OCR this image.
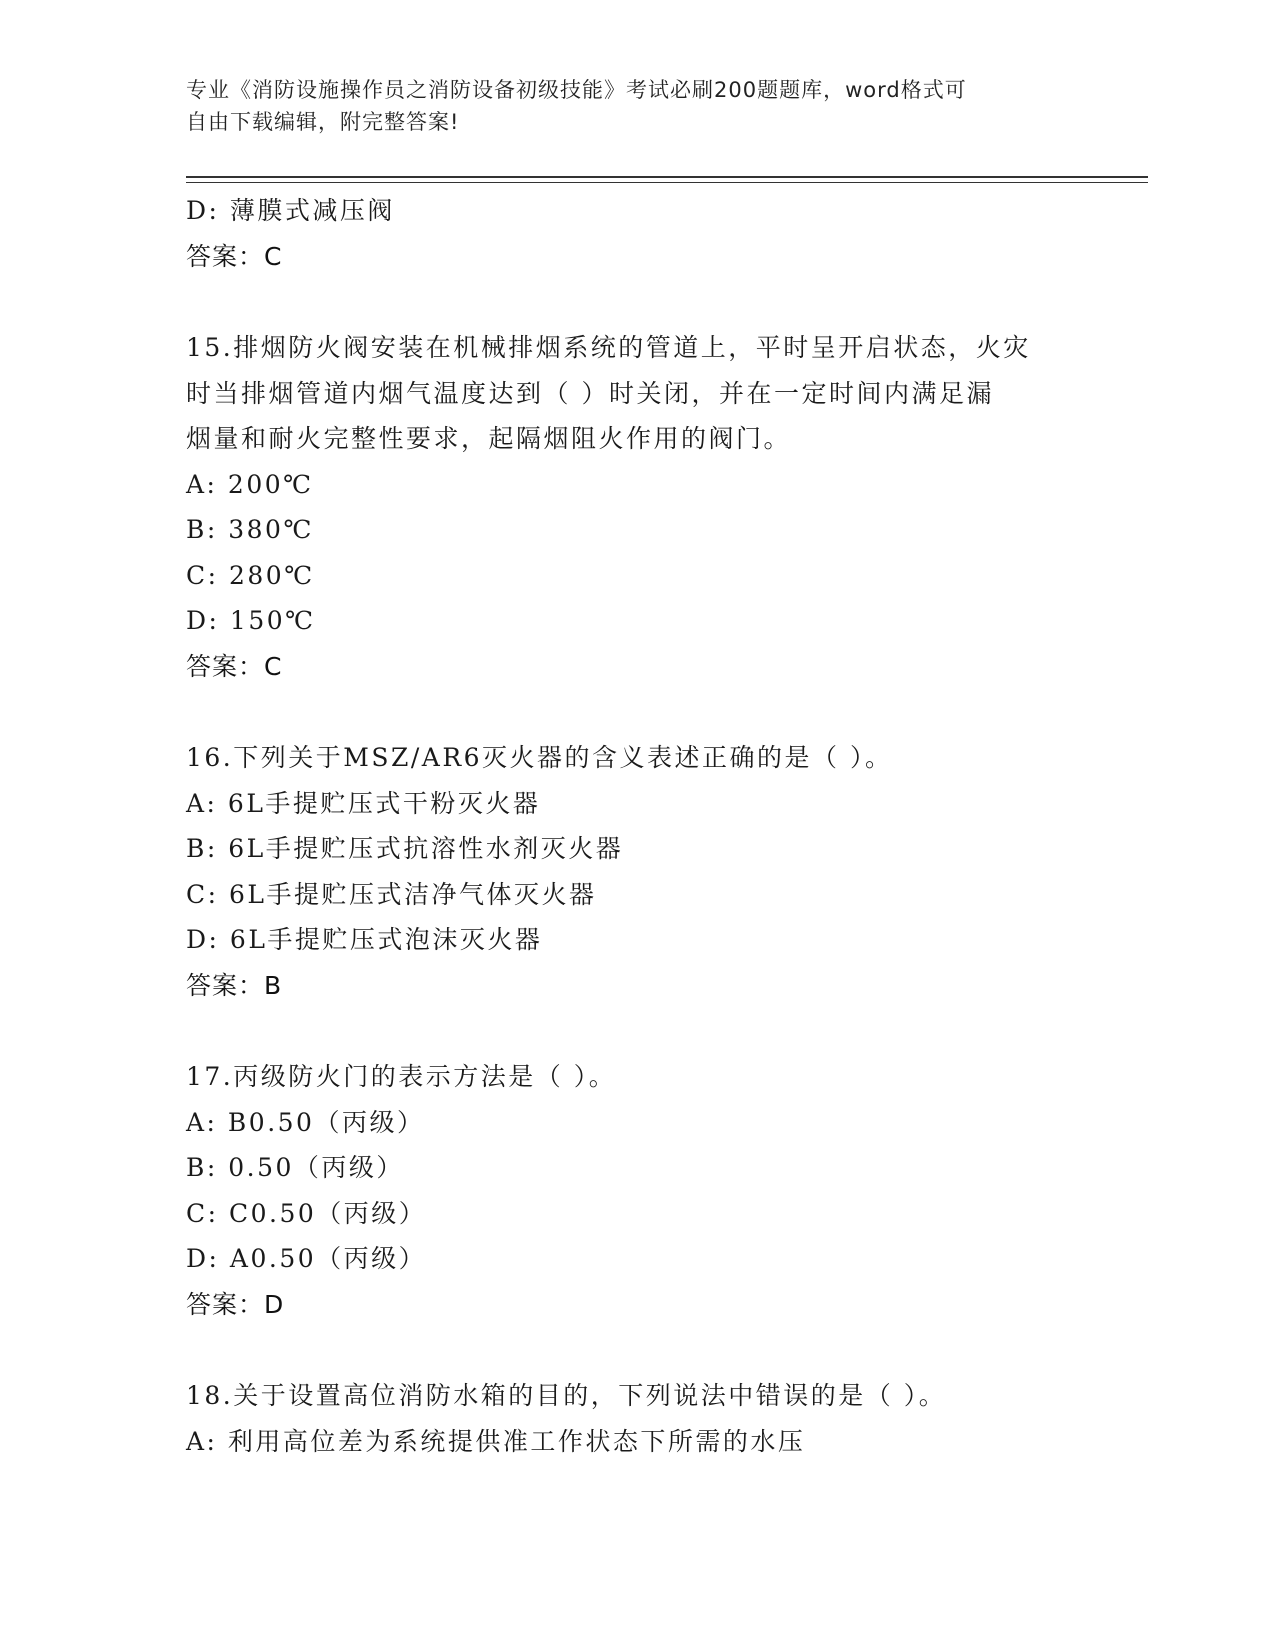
专业《消防设施操作员之消防设备初级技能》考试必刷200题题库，word格式可
自由下载编辑，附完整答案!
D: 薄膜式减压阀
答案：C
15.排烟防火阀安装在机械排烟系统的管道上，平时呈开启状态，火灾
时当排烟管道内烟气温度达到（ ）时关闭，并在一定时间内满足漏
烟量和耐火完整性要求，起隔烟阻火作用的阀门。
A: 200℃
B: 380℃
C: 280℃
D: 150℃
答案：C
16.下列关于MSZ/AR6灭火器的含义表述正确的是（ ）。
A: 6L手提贮压式干粉灭火器
B: 6L手提贮压式抗溶性水剂灭火器
C: 6L手提贮压式洁净气体灭火器
D: 6L手提贮压式泡沫灭火器
答案：B
17.丙级防火门的表示方法是（ ）。
A: B0.50（丙级）
B: 0.50（丙级）
C: C0.50（丙级）
D: A0.50（丙级）
答案：D
18.关于设置高位消防水箱的目的，下列说法中错误的是（ ）。
A: 利用高位差为系统提供准工作状态下所需的水压
